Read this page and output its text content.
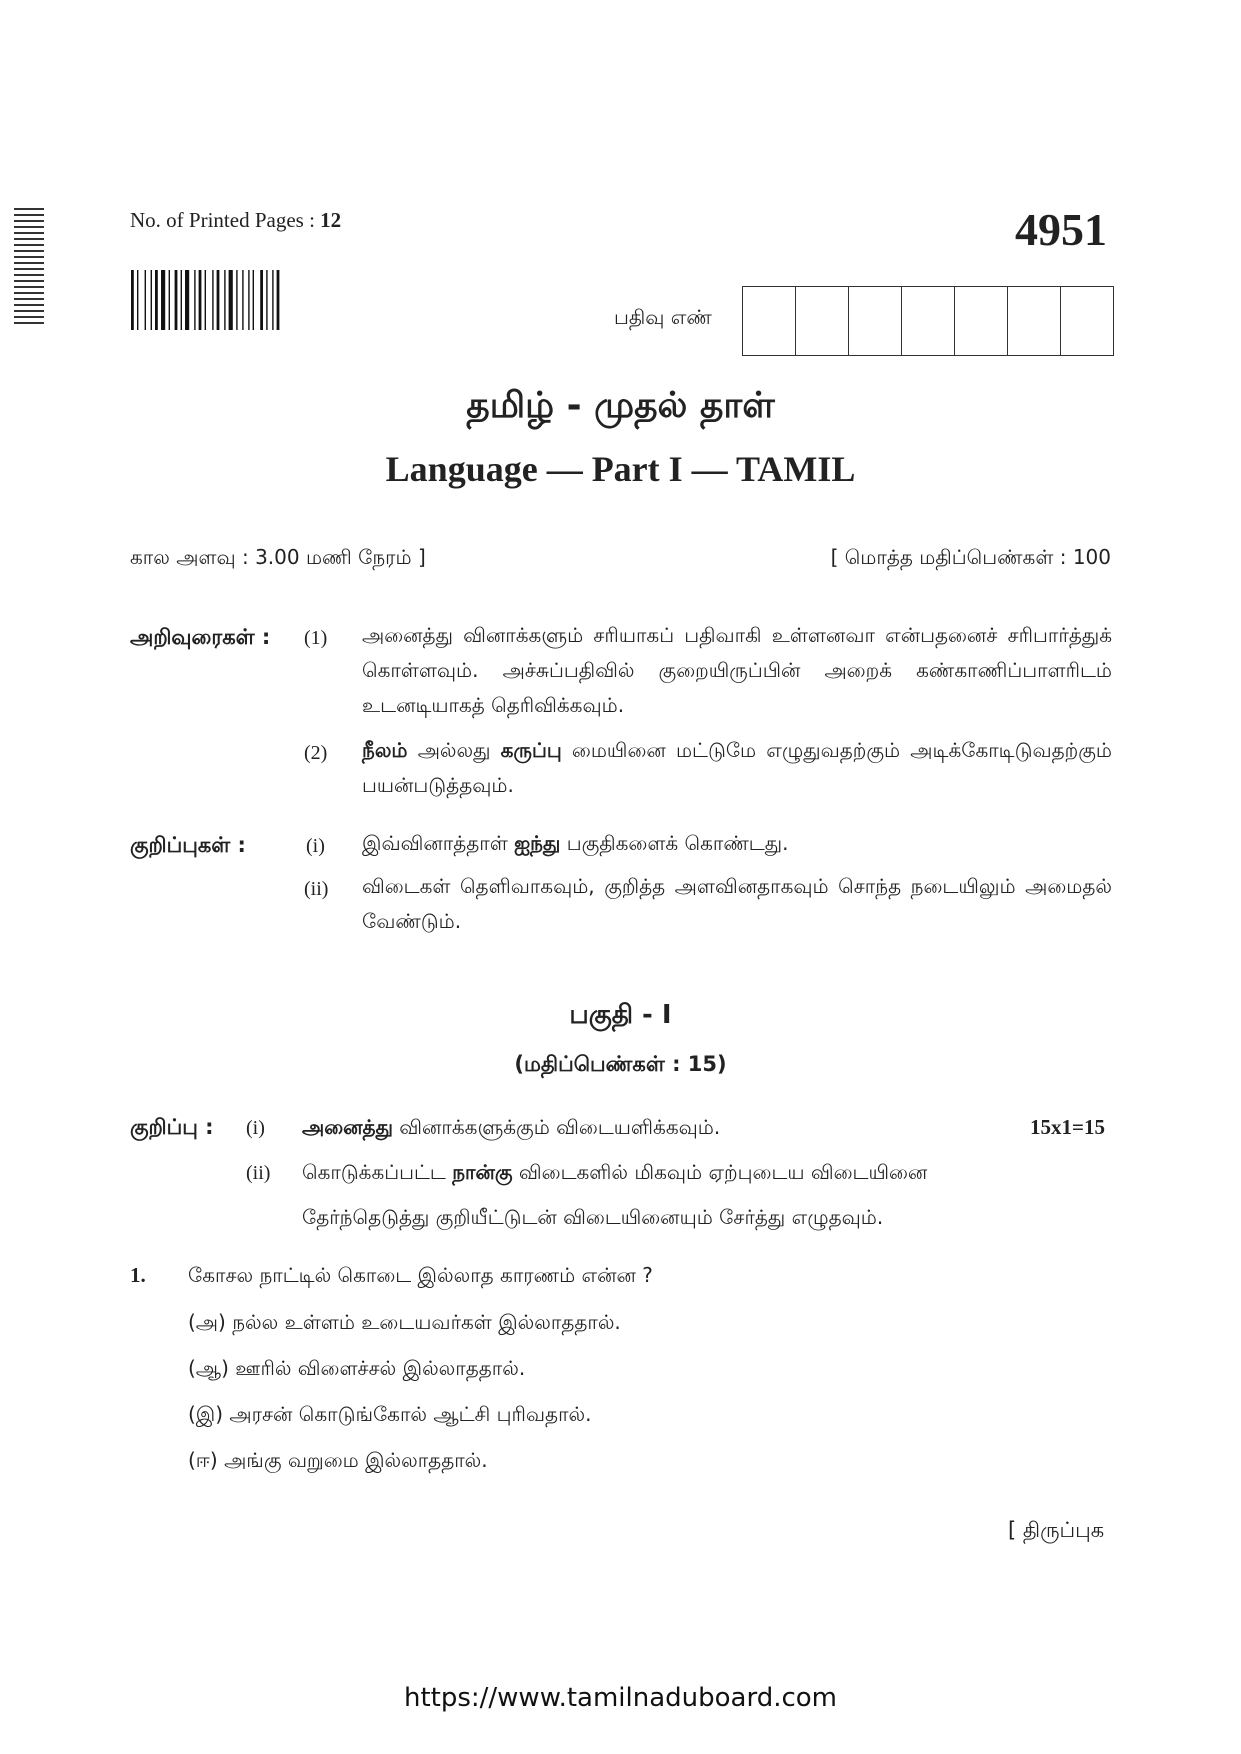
No. of Printed Pages : 12	4951
பதிவு எண்
தமிழ் - முதல் தாள்
Language — Part I — TAMIL
கால அளவு : 3.00 மணி நேரம் ]	[ மொத்த மதிப்பெண்கள் : 100
அறிவுரைகள் : (1) அனைத்து வினாக்களும் சரியாகப் பதிவாகி உள்ளனவா என்பதனைச் சரிபார்த்துக் கொள்ளவும். அச்சுப்பதிவில் குறையிருப்பின் அறைக் கண்காணிப்பாளரிடம் உடனடியாகத் தெரிவிக்கவும்.
(2) நீலம் அல்லது கருப்பு மையினை மட்டுமே எழுதுவதற்கும் அடிக்கோடிடுவதற்கும் பயன்படுத்தவும்.
குறிப்புகள் :	(i) இவ்வினாத்தாள் ஐந்து பகுதிகளைக் கொண்டது.
(ii) விடைகள் தெளிவாகவும், குறித்த அளவினதாகவும் சொந்த நடையிலும் அமைதல் வேண்டும்.
பகுதி - I
(மதிப்பெண்கள் : 15)
குறிப்பு : (i) அனைத்து வினாக்களுக்கும் விடையளிக்கவும்.	15x1=15
(ii) கொடுக்கப்பட்ட நான்கு விடைகளில் மிகவும் ஏற்புடைய விடையினை
தேர்ந்தெடுத்து குறியீட்டுடன் விடையினையும் சேர்த்து எழுதவும்.
1. கோசல நாட்டில் கொடை இல்லாத காரணம் என்ன ?
(அ) நல்ல உள்ளம் உடையவர்கள் இல்லாததால்.
(ஆ) ஊரில் விளைச்சல் இல்லாததால்.
(இ) அரசன் கொடுங்கோல் ஆட்சி புரிவதால்.
(ஈ) அங்கு வறுமை இல்லாததால்.
[ திருப்புக
https://www.tamilnaduboard.com
